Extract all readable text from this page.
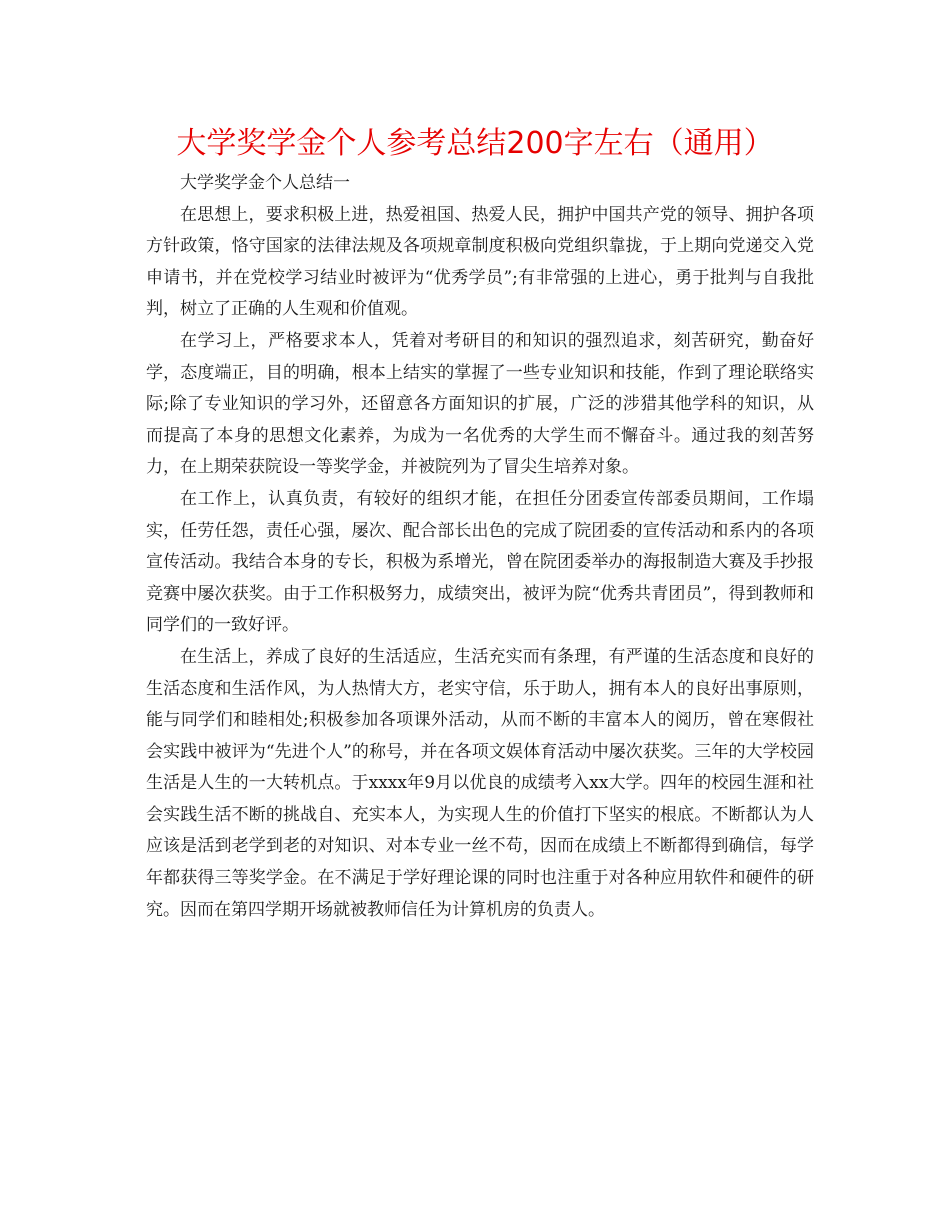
大学奖学金个人参考总结200字左右（通用）

大学奖学金个人总结一

在思想上，要求积极上进，热爱祖国、热爱人民，拥护中国共产党的领导、拥护各项方针政策，恪守国家的法律法规及各项规章制度积极向党组织靠拢，于上期向党递交入党申请书，并在党校学习结业时被评为“优秀学员”;有非常强的上进心，勇于批判与自我批判，树立了正确的人生观和价值观。

在学习上，严格要求本人，凭着对考研目的和知识的强烈追求，刻苦研究，勤奋好学，态度端正，目的明确，根本上结实的掌握了一些专业知识和技能，作到了理论联络实际;除了专业知识的学习外，还留意各方面知识的扩展，广泛的涉猎其他学科的知识，从而提高了本身的思想文化素养，为成为一名优秀的大学生而不懈奋斗。通过我的刻苦努力，在上期荣获院设一等奖学金，并被院列为了冒尖生培养对象。

在工作上，认真负责，有较好的组织才能，在担任分团委宣传部委员期间，工作塌实，任劳任怨，责任心强，屡次、配合部长出色的完成了院团委的宣传活动和系内的各项宣传活动。我结合本身的专长，积极为系增光，曾在院团委举办的海报制造大赛及手抄报竞赛中屡次获奖。由于工作积极努力，成绩突出，被评为院“优秀共青团员”，得到教师和同学们的一致好评。

在生活上，养成了良好的生活适应，生活充实而有条理，有严谨的生活态度和良好的生活态度和生活作风，为人热情大方，老实守信，乐于助人，拥有本人的良好出事原则，能与同学们和睦相处;积极参加各项课外活动，从而不断的丰富本人的阅历，曾在寒假社会实践中被评为“先进个人”的称号，并在各项文娱体育活动中屡次获奖。三年的大学校园生活是人生的一大转机点。于xxxx年9月以优良的成绩考入xx大学。四年的校园生涯和社会实践生活不断的挑战自、充实本人，为实现人生的价值打下坚实的根底。不断都认为人应该是活到老学到老的对知识、对本专业一丝不苟，因而在成绩上不断都得到确信，每学年都获得三等奖学金。在不满足于学好理论课的同时也注重于对各种应用软件和硬件的研究。因而在第四学期开场就被教师信任为计算机房的负责人。
